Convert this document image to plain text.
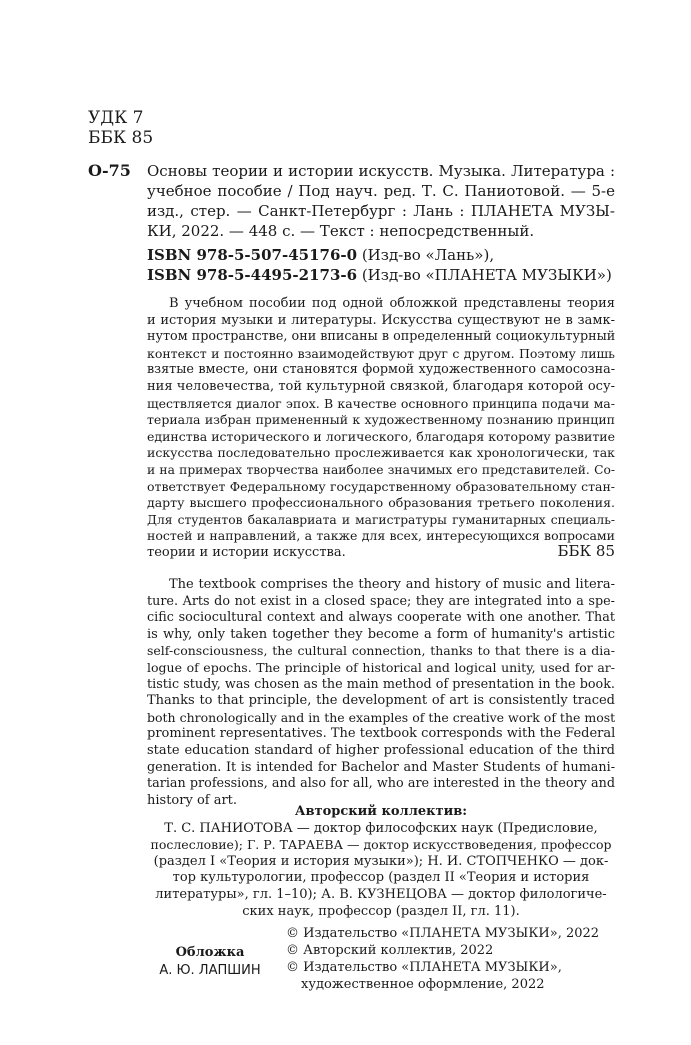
УДК 7
ББК 85
О-75 Основы теории и истории искусств. Музыка. Литература :
учебное пособие / Под науч. ред. Т. С. Паниотовой. — 5-е
изд., стер. — Санкт-Петербург : Лань : ПЛАНЕТА МУЗЫ-
КИ, 2022. — 448 с. — Текст : непосредственный.
ISBN 978-5-507-45176-0 (Изд-во «Лань»),
ISBN 978-5-4495-2173-6 (Изд-во «ПЛАНЕТА МУЗЫКИ»)
В учебном пособии под одной обложкой представлены теория
и история музыки и литературы. Искусства существуют не в замк-
нутом пространстве, они вписаны в определенный социокультурный
контекст и постоянно взаимодействуют друг с другом. Поэтому лишь
взятые вместе, они становятся формой художественного самосозна-
ния человечества, той культурной связкой, благодаря которой осу-
ществляется диалог эпох. В качестве основного принципа подачи ма-
териала избран примененный к художественному познанию принцип
единства исторического и логического, благодаря которому развитие
искусства последовательно прослеживается как хронологически, так
и на примерах творчества наиболее значимых его представителей. Со-
ответствует Федеральному государственному образовательному стан-
дарту высшего профессионального образования третьего поколения.
Для студентов бакалавриата и магистратуры гуманитарных специаль-
ностей и направлений, а также для всех, интересующихся вопросами
теории и истории искусства.	ББК 85
The textbook comprises the theory and history of music and litera-
ture. Arts do not exist in a closed space; they are integrated into a spe-
cific sociocultural context and always cooperate with one another. That
is why, only taken together they become a form of humanity's artistic
self-consciousness, the cultural connection, thanks to that there is a dia-
logue of epochs. The principle of historical and logical unity, used for ar-
tistic study, was chosen as the main method of presentation in the book.
Thanks to that principle, the development of art is consistently traced
both chronologically and in the examples of the creative work of the most
prominent representatives. The textbook corresponds with the Federal
state education standard of higher professional education of the third
generation. It is intended for Bachelor and Master Students of humani-
tarian professions, and also for all, who are interested in the theory and
history of art.
Авторский коллектив:
Т. С. ПАНИОТОВА — доктор философских наук (Предисловие,
послесловие); Г. Р. ТАРАЕВА — доктор искусствоведения, профессор
(раздел I «Теория и история музыки»); Н. И. СТОПЧЕНКО — док-
тор культурологии, профессор (раздел II «Теория и история
литературы», гл. 1–10); А. В. КУЗНЕЦОВА — доктор филологиче-
ских наук, профессор (раздел II, гл. 11).
Обложка
А. Ю. ЛАПШИН
© Издательство «ПЛАНЕТА МУЗЫКИ», 2022
© Авторский коллектив, 2022
© Издательство «ПЛАНЕТА МУЗЫКИ»,
художественное оформление, 2022
